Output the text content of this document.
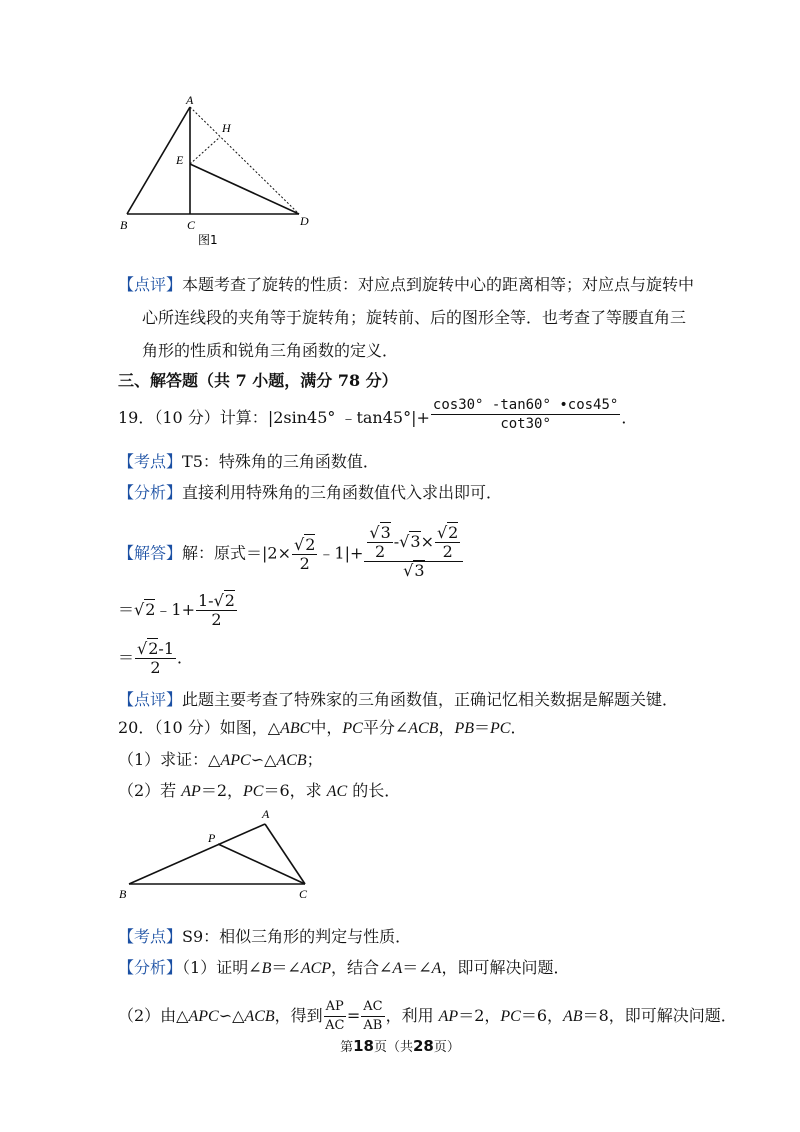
A
H
E
B	C	D
图1
【点评】本题考查了旋转的性质：对应点到旋转中心的距离相等；对应点与旋转中
心所连线段的夹角等于旋转角；旋转前、后的图形全等．也考查了等腰直角三
角形的性质和锐角三角函数的定义．
三、解答题（共 7 小题，满分 78 分）
19．（10 分）计算：|2sin45° ﹣tan45°|+ $\frac{\cos 30^\circ -\tan 60^\circ •\cos 45^\circ}{\cot 30^\circ}$ ．
【考点】T5：特殊角的三角函数值．
【分析】直接利用特殊角的三角函数值代入求出即可．
【解答】解：原式$=|2\times \frac{√2}{2}$ ﹣1|+ $\frac{\frac{√3}{2} -√3\times \frac{√2}{2}}{√3}$
＝√2﹣1+ $\frac{1-√2}{2}$
＝ $\frac{√2-1}{2}$ ．
【点评】此题主要考查了特殊家的三角函数值，正确记忆相关数据是解题关键．
20．（10 分）如图，△ABC中，PC平分∠ACB，PB＝PC．
（1）求证：△APC∽△ACB；
（2）若 AP＝2，PC＝6，求 AC 的长．
A
P
B	C
【考点】S9：相似三角形的判定与性质．
【分析】（1）证明∠B＝∠ACP，结合∠A＝∠A，即可解决问题．
（2）由△APC∽△ACB，得到 $\frac{AP}{AC} = \frac{AC}{AB}$ ，利用 AP＝2，PC＝6，AB＝8，即可解决问题．
第18页（共28页）
